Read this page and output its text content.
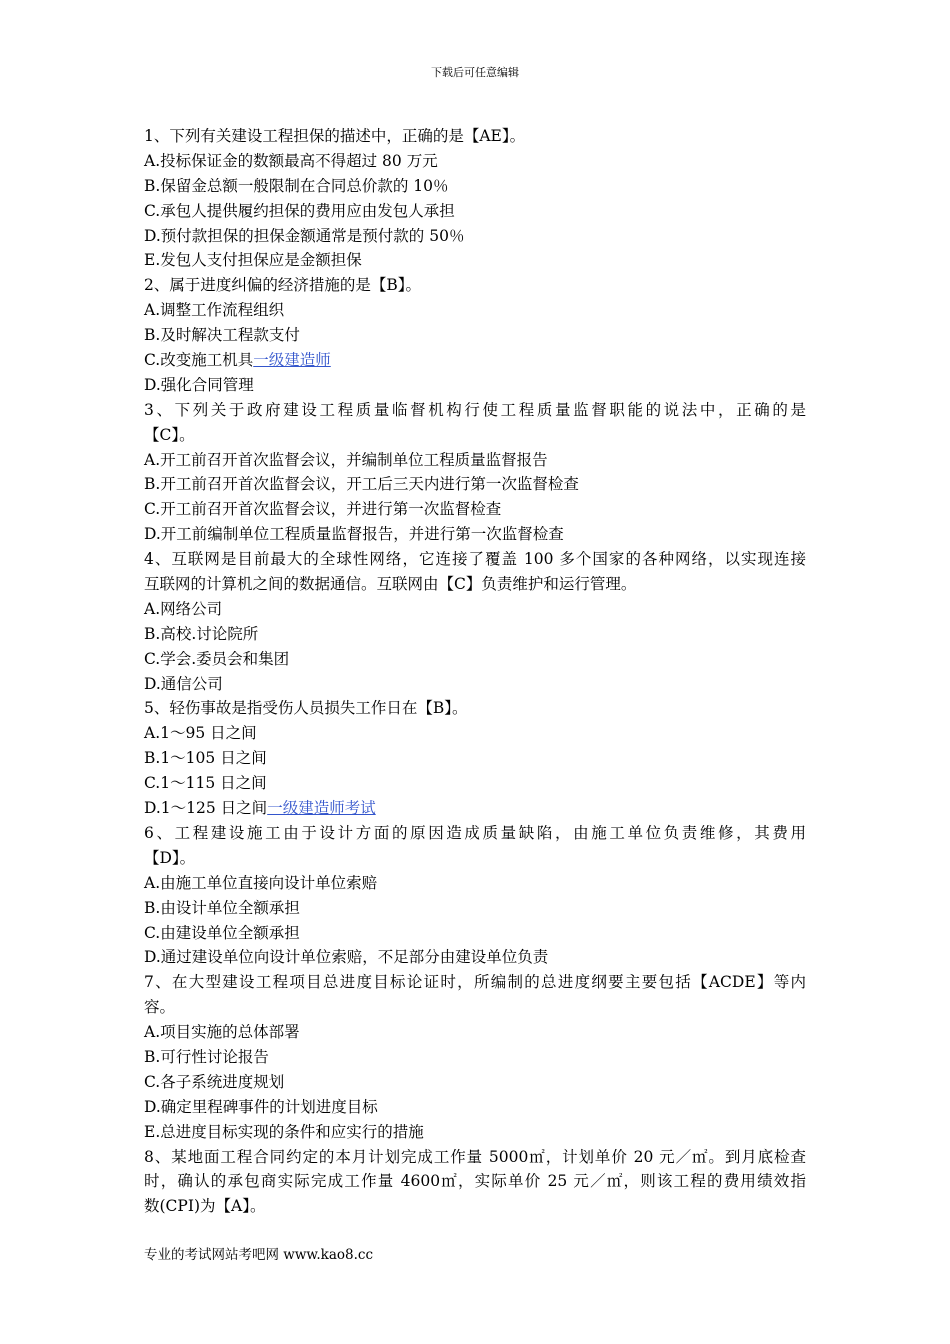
下载后可任意编辑
1、下列有关建设工程担保的描述中，正确的是【AE】。
A.投标保证金的数额最高不得超过 80 万元
B.保留金总额一般限制在合同总价款的 10％
C.承包人提供履约担保的费用应由发包人承担
D.预付款担保的担保金额通常是预付款的 50％
E.发包人支付担保应是金额担保
2、属于进度纠偏的经济措施的是【B】。
A.调整工作流程组织
B.及时解决工程款支付
C.改变施工机具一级建造师
D.强化合同管理
3、下列关于政府建设工程质量临督机构行使工程质量监督职能的说法中，正确的是
【C】。
A.开工前召开首次监督会议，并编制单位工程质量监督报告
B.开工前召开首次监督会议，开工后三天内进行第一次监督检查
C.开工前召开首次监督会议，并进行第一次监督检查
D.开工前编制单位工程质量监督报告，并进行第一次监督检查
4、互联网是目前最大的全球性网络，它连接了覆盖 100 多个国家的各种网络，以实现连接
互联网的计算机之间的数据通信。互联网由【C】负责维护和运行管理。
A.网络公司
B.高校.讨论院所
C.学会.委员会和集团
D.通信公司
5、轻伤事故是指受伤人员损失工作日在【B】。
A.1～95 日之间
B.1～105 日之间
C.1～115 日之间
D.1～125 日之间一级建造师考试
6、工程建设施工由于设计方面的原因造成质量缺陷，由施工单位负责维修，其费用
【D】。
A.由施工单位直接向设计单位索赔
B.由设计单位全额承担
C.由建设单位全额承担
D.通过建设单位向设计单位索赔，不足部分由建设单位负责
7、在大型建设工程项目总进度目标论证时，所编制的总进度纲要主要包括【ACDE】等内
容。
A.项目实施的总体部署
B.可行性讨论报告
C.各子系统进度规划
D.确定里程碑事件的计划进度目标
E.总进度目标实现的条件和应实行的措施
8、某地面工程合同约定的本月计划完成工作量 5000㎡，计划单价 20 元／㎡。到月底检查
时，确认的承包商实际完成工作量 4600㎡，实际单价 25 元／㎡，则该工程的费用绩效指
数(CPI)为【A】。
专业的考试网站考吧网 www.kao8.cc
